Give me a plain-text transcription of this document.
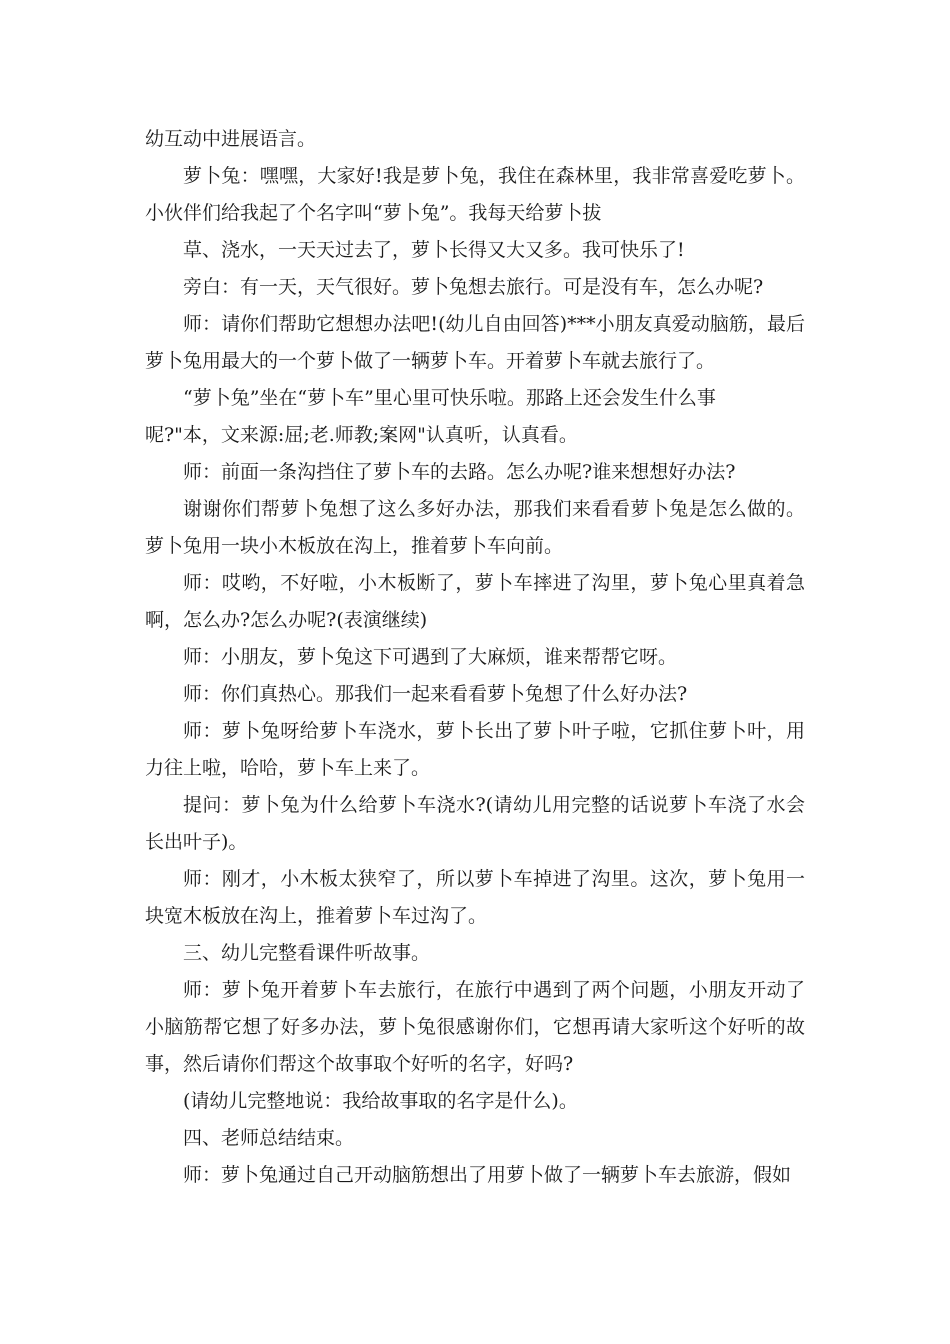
幼互动中进展语言。

萝卜兔：嘿嘿，大家好!我是萝卜兔，我住在森林里，我非常喜爱吃萝卜。小伙伴们给我起了个名字叫“萝卜兔”。我每天给萝卜拔

草、浇水，一天天过去了，萝卜长得又大又多。我可快乐了!

旁白：有一天，天气很好。萝卜兔想去旅行。可是没有车，怎么办呢?

师：请你们帮助它想想办法吧!(幼儿自由回答)***小朋友真爱动脑筋，最后萝卜兔用最大的一个萝卜做了一辆萝卜车。开着萝卜车就去旅行了。

“萝卜兔”坐在“萝卜车”里心里可快乐啦。那路上还会发生什么事

呢?"本，文来源:屈;老.师教;案网"认真听，认真看。

师：前面一条沟挡住了萝卜车的去路。怎么办呢?谁来想想好办法?

谢谢你们帮萝卜兔想了这么多好办法，那我们来看看萝卜兔是怎么做的。萝卜兔用一块小木板放在沟上，推着萝卜车向前。

师：哎哟，不好啦，小木板断了，萝卜车摔进了沟里，萝卜兔心里真着急啊，怎么办?怎么办呢?(表演继续)

师：小朋友，萝卜兔这下可遇到了大麻烦，谁来帮帮它呀。

师：你们真热心。那我们一起来看看萝卜兔想了什么好办法?

师：萝卜兔呀给萝卜车浇水，萝卜长出了萝卜叶子啦，它抓住萝卜叶，用力往上啦，哈哈，萝卜车上来了。

提问：萝卜兔为什么给萝卜车浇水?(请幼儿用完整的话说萝卜车浇了水会长出叶子)。

师：刚才，小木板太狭窄了，所以萝卜车掉进了沟里。这次，萝卜兔用一块宽木板放在沟上，推着萝卜车过沟了。

三、幼儿完整看课件听故事。

师：萝卜兔开着萝卜车去旅行，在旅行中遇到了两个问题，小朋友开动了小脑筋帮它想了好多办法，萝卜兔很感谢你们，它想再请大家听这个好听的故事，然后请你们帮这个故事取个好听的名字，好吗?

(请幼儿完整地说：我给故事取的名字是什么)。

四、老师总结结束。

师：萝卜兔通过自己开动脑筋想出了用萝卜做了一辆萝卜车去旅游，假如
